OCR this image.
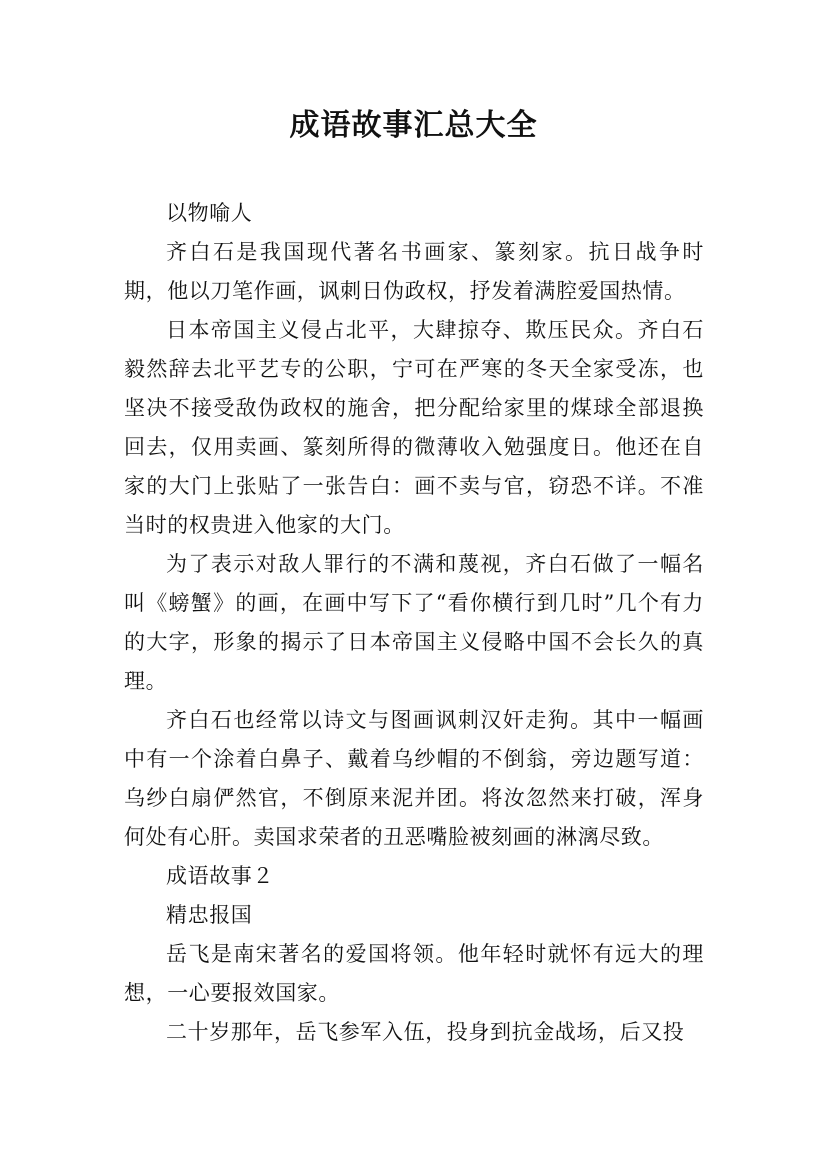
成语故事汇总大全

以物喻人

齐白石是我国现代著名书画家、篆刻家。抗日战争时期，他以刀笔作画，讽刺日伪政权，抒发着满腔爱国热情。

日本帝国主义侵占北平，大肆掠夺、欺压民众。齐白石毅然辞去北平艺专的公职，宁可在严寒的冬天全家受冻，也坚决不接受敌伪政权的施舍，把分配给家里的煤球全部退换回去，仅用卖画、篆刻所得的微薄收入勉强度日。他还在自家的大门上张贴了一张告白：画不卖与官，窃恐不详。不准当时的权贵进入他家的大门。

为了表示对敌人罪行的不满和蔑视，齐白石做了一幅名叫《螃蟹》的画，在画中写下了“看你横行到几时”几个有力的大字，形象的揭示了日本帝国主义侵略中国不会长久的真理。

齐白石也经常以诗文与图画讽刺汉奸走狗。其中一幅画中有一个涂着白鼻子、戴着乌纱帽的不倒翁，旁边题写道：乌纱白扇俨然官，不倒原来泥并团。将汝忽然来打破，浑身何处有心肝。卖国求荣者的丑恶嘴脸被刻画的淋漓尽致。

成语故事２

精忠报国

岳飞是南宋著名的爱国将领。他年轻时就怀有远大的理想，一心要报效国家。

二十岁那年，岳飞参军入伍，投身到抗金战场，后又投
